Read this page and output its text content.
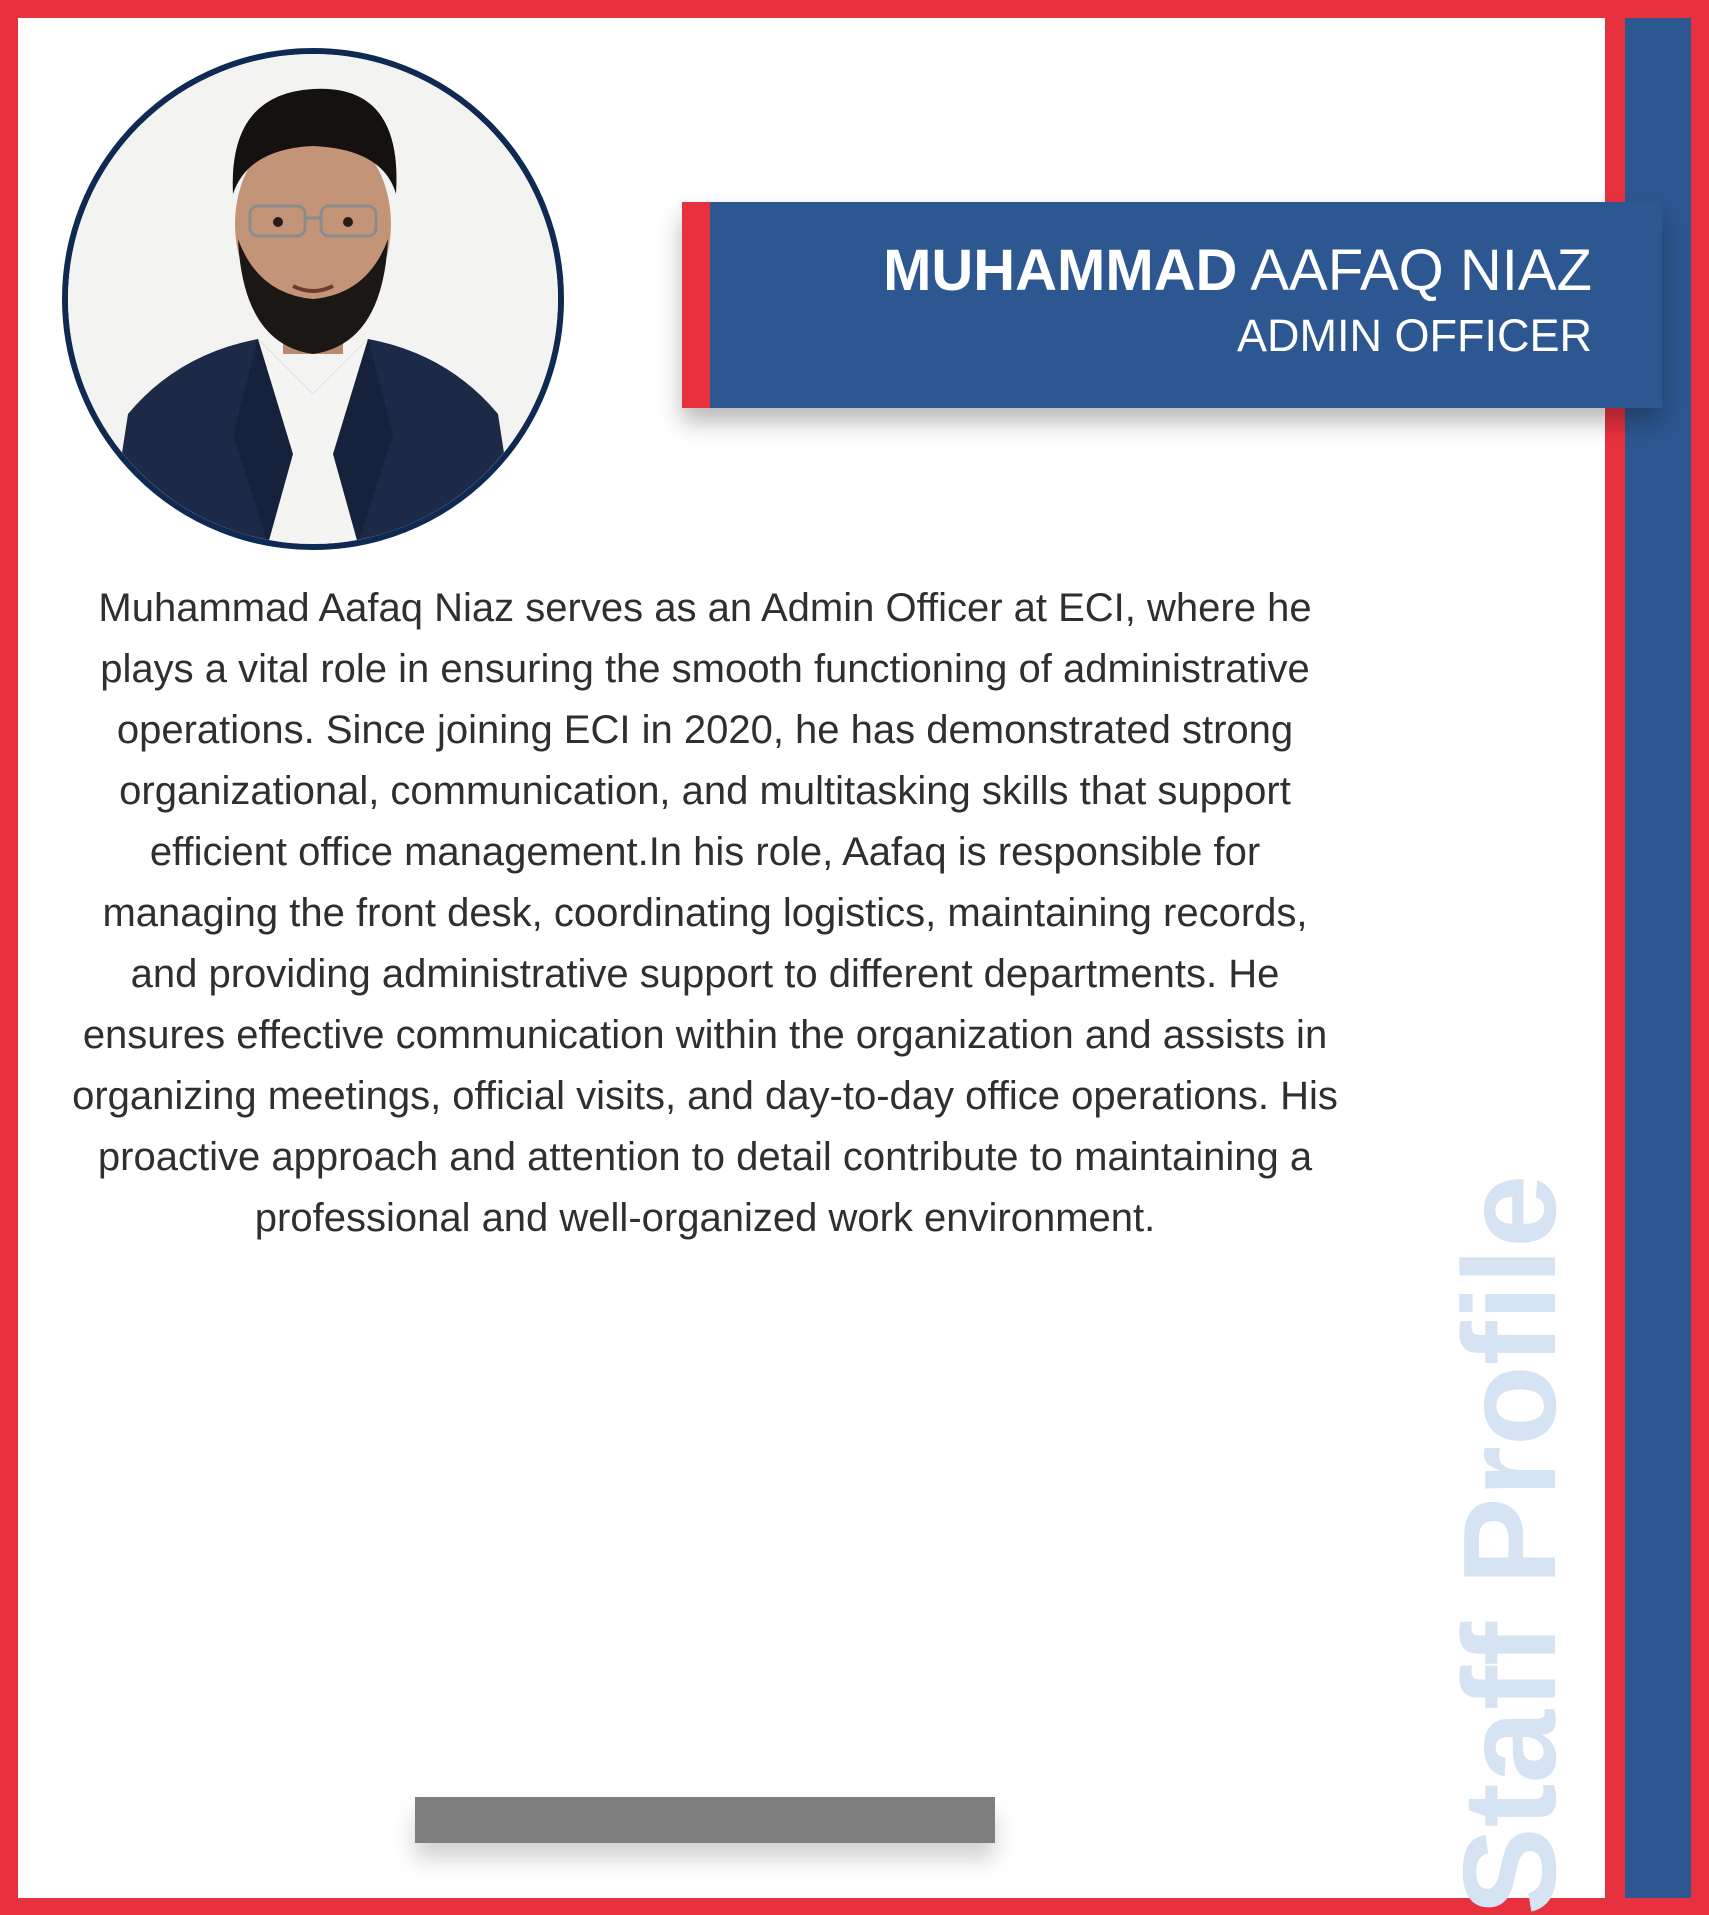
MUHAMMAD AAFAQ NIAZ
ADMIN OFFICER

Muhammad Aafaq Niaz serves as an Admin Officer at ECI, where he plays a vital role in ensuring the smooth functioning of administrative operations. Since joining ECI in 2020, he has demonstrated strong organizational, communication, and multitasking skills that support efficient office management.In his role, Aafaq is responsible for managing the front desk, coordinating logistics, maintaining records, and providing administrative support to different departments. He ensures effective communication within the organization and assists in organizing meetings, official visits, and day-to-day office operations. His proactive approach and attention to detail contribute to maintaining a professional and well-organized work environment.	Staff Profile
